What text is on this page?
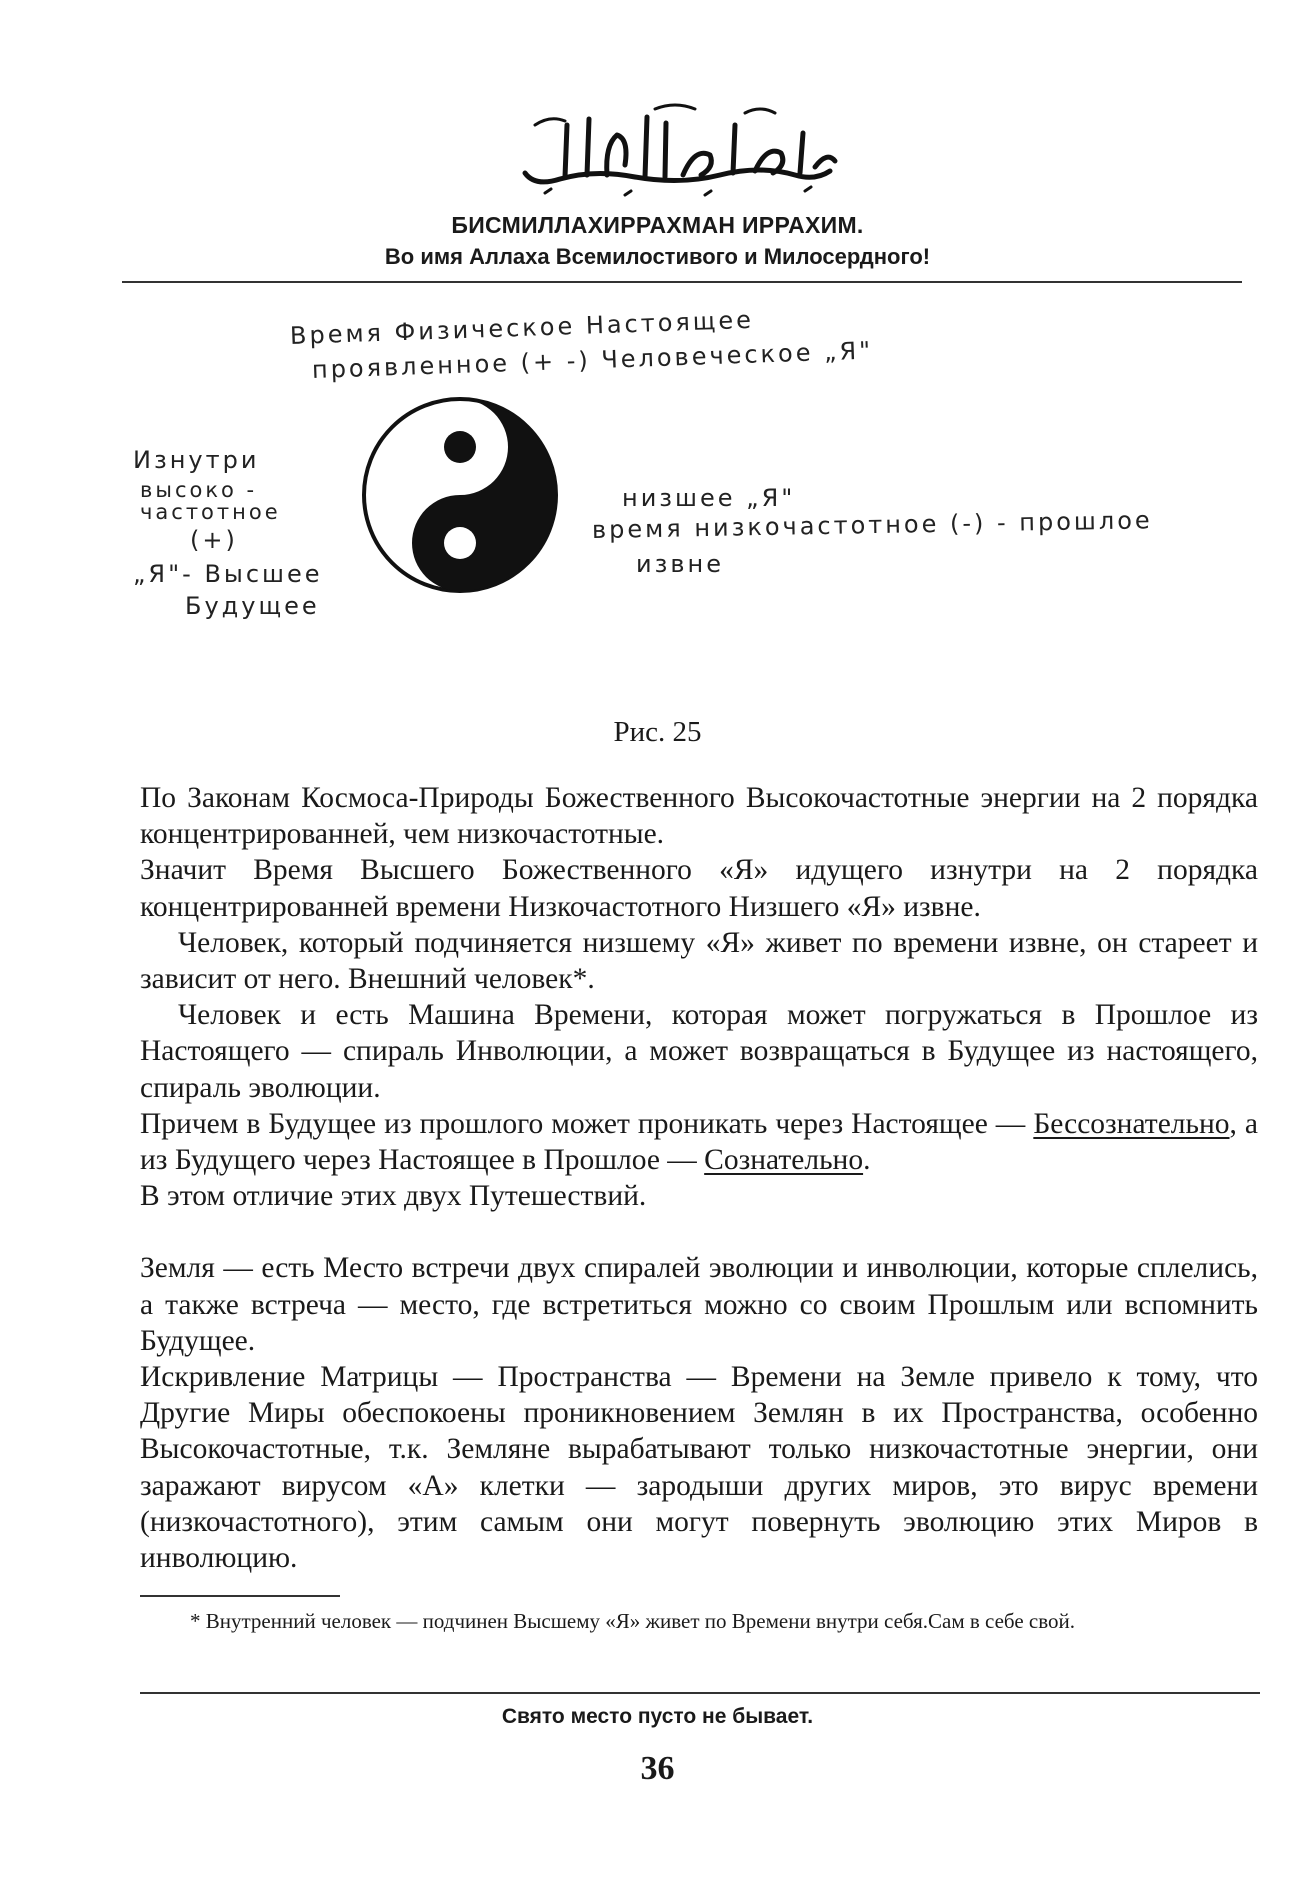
БИСМИЛЛАХИРРАХМАН ИРРАХИМ.
Во имя Аллаха Всемилостивого и Милосердного!
Время Физическое Настоящее
проявленное (+ -) Человеческое „Я"
Изнутри
высоко -
частотное
(+)
„Я"- Высшее
Будущее
низшее „Я"
время низкочастотное (-) - прошлое
извне
Рис. 25

По Законам Космоса-Природы Божественного Высокочастотные энергии на 2 порядка концентрированней, чем низкочастотные.

Значит Время Высшего Божественного «Я» идущего изнутри на 2 порядка концентрированней времени Низкочастотного Низшего «Я» извне.

Человек, который подчиняется низшему «Я» живет по времени извне, он стареет и зависит от него. Внешний человек*.

Человек и есть Машина Времени, которая может погружаться в Прошлое из Настоящего — спираль Инволюции, а может возвращаться в Будущее из настоящего, спираль эволюции.

Причем в Будущее из прошлого может проникать через Настоящее — Бессознательно, а из Будущего через Настоящее в Прошлое — Сознательно.

В этом отличие этих двух Путешествий.

Земля — есть Место встречи двух спиралей эволюции и инволюции, которые сплелись, а также встреча — место, где встретиться можно со своим Прошлым или вспомнить Будущее.

Искривление Матрицы — Пространства — Времени на Земле привело к тому, что Другие Миры обеспокоены проникновением Землян в их Пространства, особенно Высокочастотные, т.к. Земляне вырабатывают только низкочастотные энергии, они заражают вирусом «А» клетки — зародыши других миров, это вирус времени (низкочастотного), этим самым они могут повернуть эволюцию этих Миров в инволюцию.

* Внутренний человек — подчинен Высшему «Я» живет по Времени внутри себя.Сам в себе свой.

Свято место пусто не бывает.
36
